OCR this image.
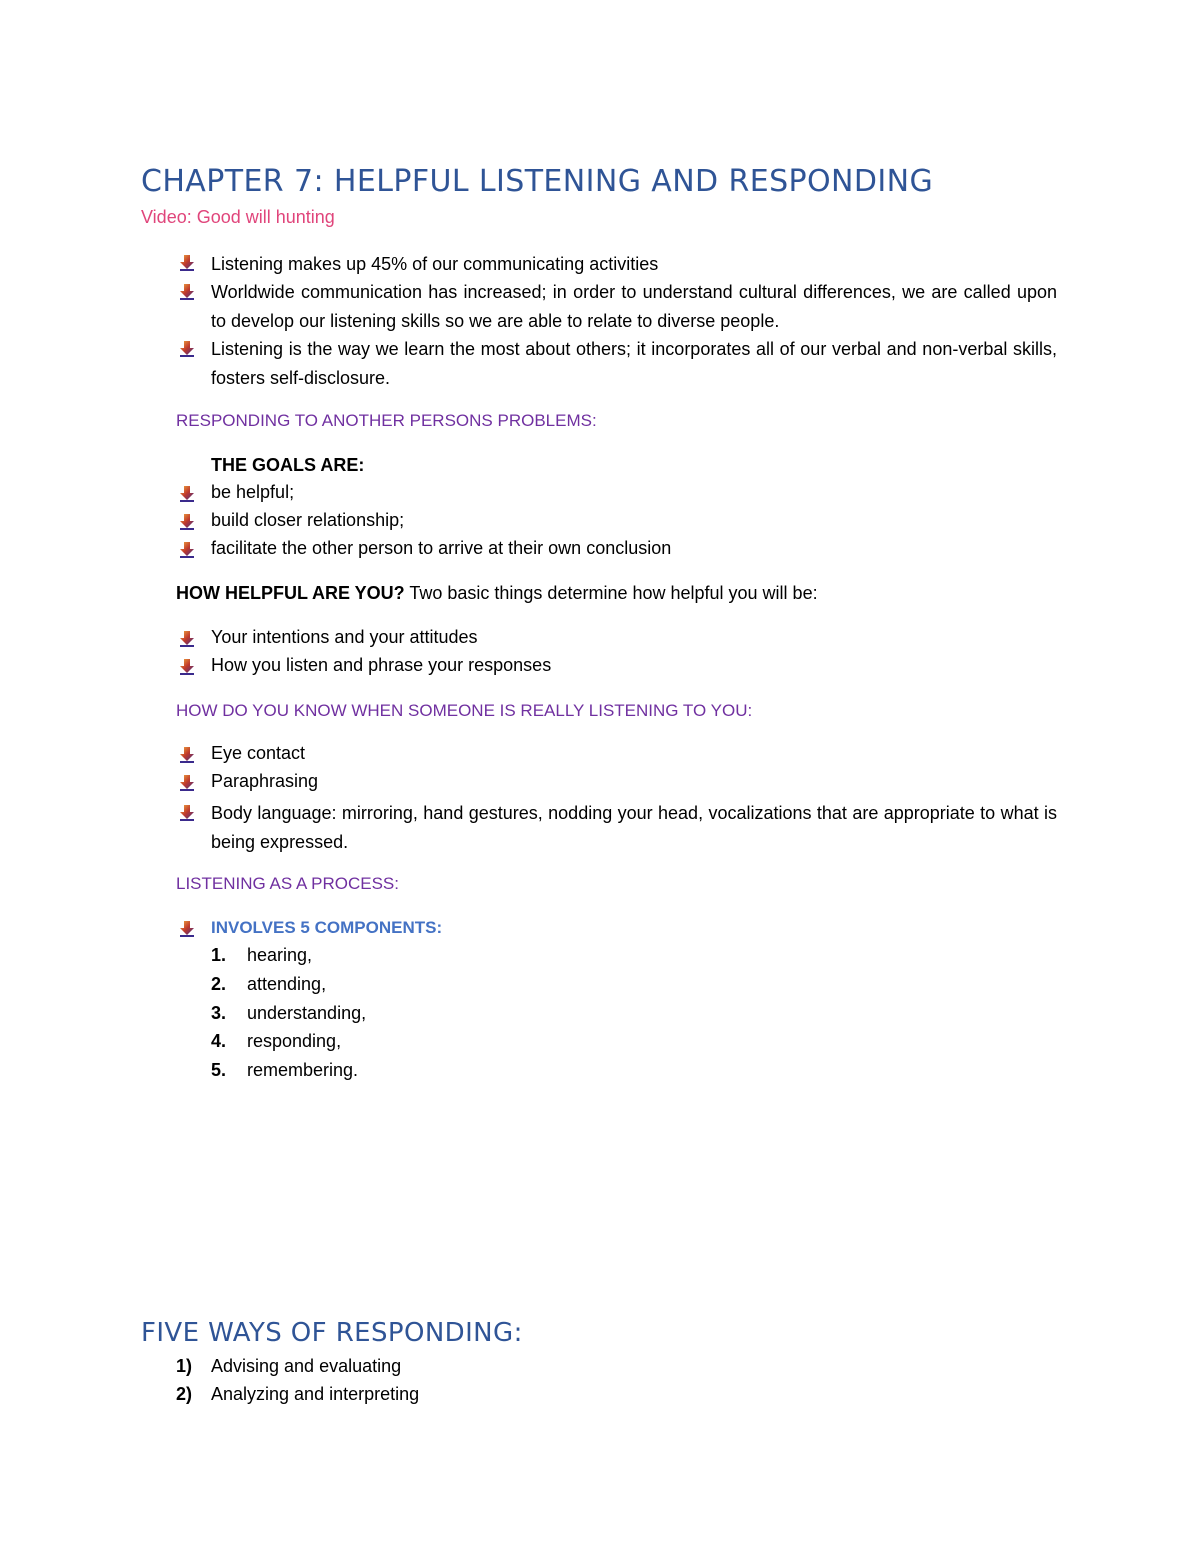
CHAPTER 7: HELPFUL LISTENING AND RESPONDING
Video: Good will hunting
Listening makes up 45% of our communicating activities
Worldwide communication has increased; in order to understand cultural differences, we are called upon to develop our listening skills so we are able to relate to diverse people.
Listening is the way we learn the most about others; it incorporates all of our verbal and non-verbal skills, fosters self-disclosure.
RESPONDING TO ANOTHER PERSONS PROBLEMS:
THE GOALS ARE:
be helpful;
build closer relationship;
facilitate the other person to arrive at their own conclusion
HOW HELPFUL ARE YOU? Two basic things determine how helpful you will be:
Your intentions and your attitudes
How you listen and phrase your responses
HOW DO YOU KNOW WHEN SOMEONE IS REALLY LISTENING TO YOU:
Eye contact
Paraphrasing
Body language: mirroring, hand gestures, nodding your head, vocalizations that are appropriate to what is being expressed.
LISTENING AS A PROCESS:
INVOLVES 5 COMPONENTS:
1. hearing,
2. attending,
3. understanding,
4. responding,
5. remembering.
FIVE WAYS OF RESPONDING:
1) Advising and evaluating
2) Analyzing and interpreting
